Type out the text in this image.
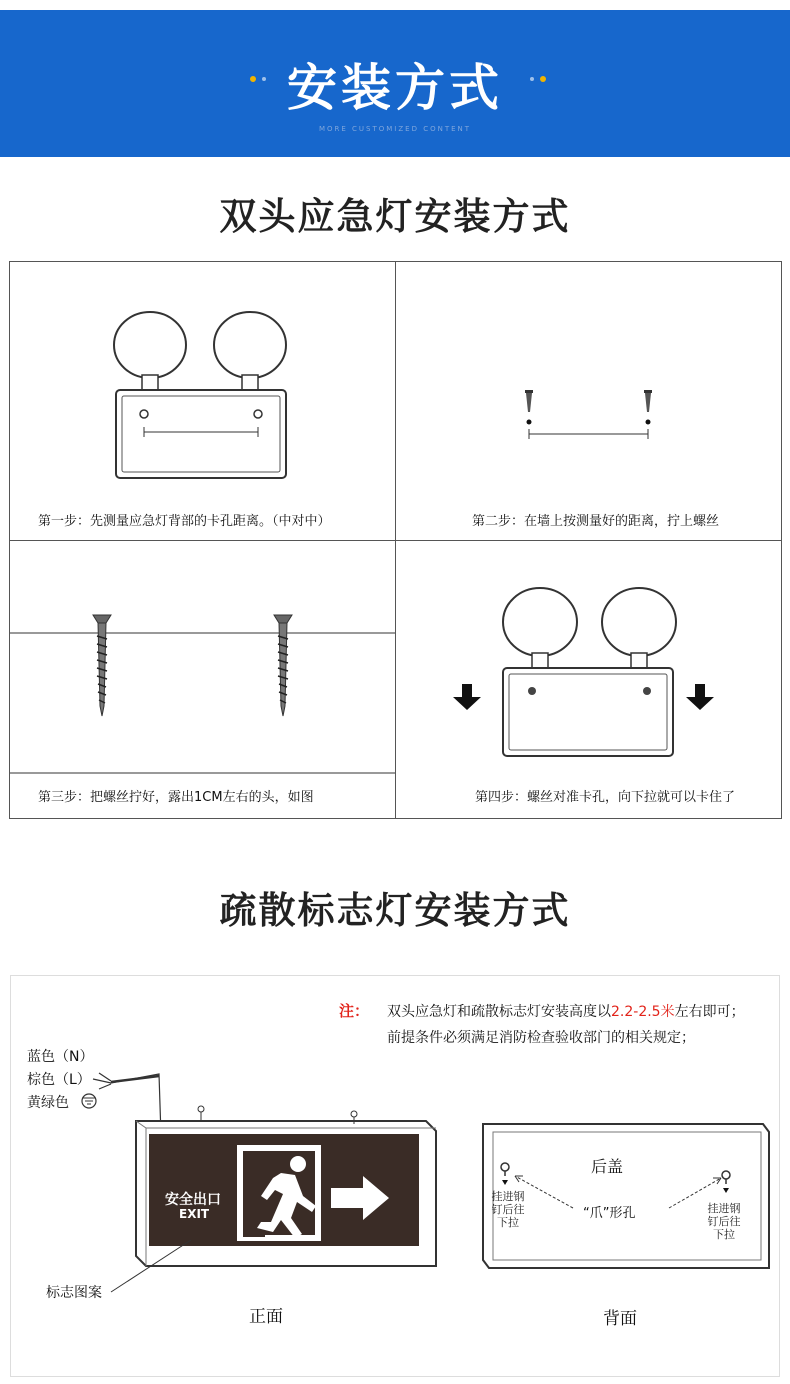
安装方式
MORE CUSTOMIZED CONTENT
双头应急灯安装方式
第一步：先测量应急灯背部的卡孔距离。（中对中）	第二步：在墙上按测量好的距离，拧上螺丝
第三步：把螺丝拧好，露出1CM左右的头，如图	第四步：螺丝对准卡孔，向下拉就可以卡住了
疏散标志灯安装方式
注： 双头应急灯和疏散标志灯安装高度以2.2-2.5米左右即可；
前提条件必须满足消防检查验收部门的相关规定；
蓝色（N）
棕色（L）
黄绿色
安全出口
EXIT
后盖
挂进钢
钉后往
下拉
挂进钢
钉后往
下拉
“爪”形孔
标志图案
正面	背面
